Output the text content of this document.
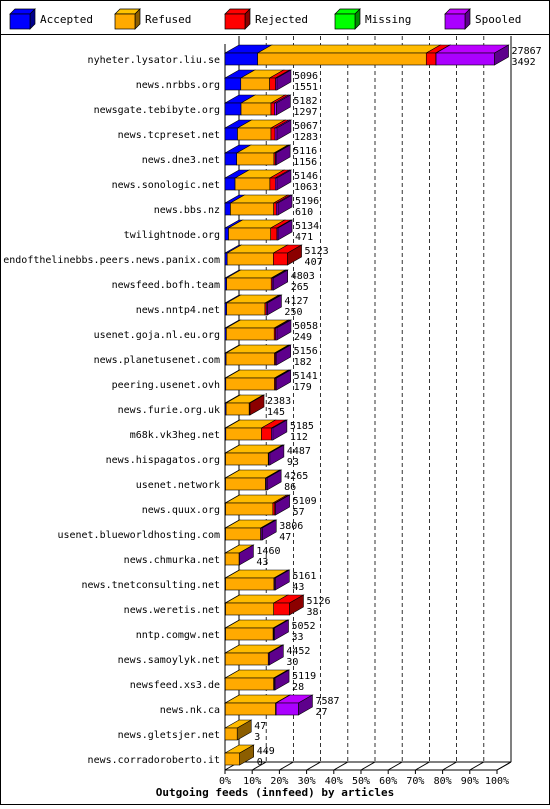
Accepted	Refused	Rejected	Missing	Spooled
0% 10% 20% 30% 40% 50% 60% 70% 80% 90% 100%
Outgoing feeds (innfeed) by articles
nyheter.lysator.liu.se
27867
3492
news.nrbbs.org
5096
1551
newsgate.tebibyte.org
5182
1297
news.tcpreset.net
5067
1283
news.dne3.net
5116
1156
news.sonologic.net
5146
1063
news.bbs.nz
5196
610
twilightnode.org
5134
471
endofthelinebbs.peers.news.panix.com
5123
407
newsfeed.bofh.team
4803
265
news.nntp4.net
4127
250
usenet.goja.nl.eu.org
5058
249
news.planetusenet.com
5156
182
peering.usenet.ovh
5141
179
news.furie.org.uk
2383
145
m68k.vk3heg.net
5185
112
news.hispagatos.org
4487
93
usenet.network
4265
86
news.quux.org
5109
57
usenet.blueworldhosting.com
3806
47
news.chmurka.net
1460
43
news.tnetconsulting.net
5161
43
news.weretis.net
5126
38
nntp.comgw.net
5052
33
news.samoylyk.net
4452
30
newsfeed.xs3.de
5119
28
news.nk.ca
7587
27
news.gletsjer.net
47
3
news.corradoroberto.it
449
0
